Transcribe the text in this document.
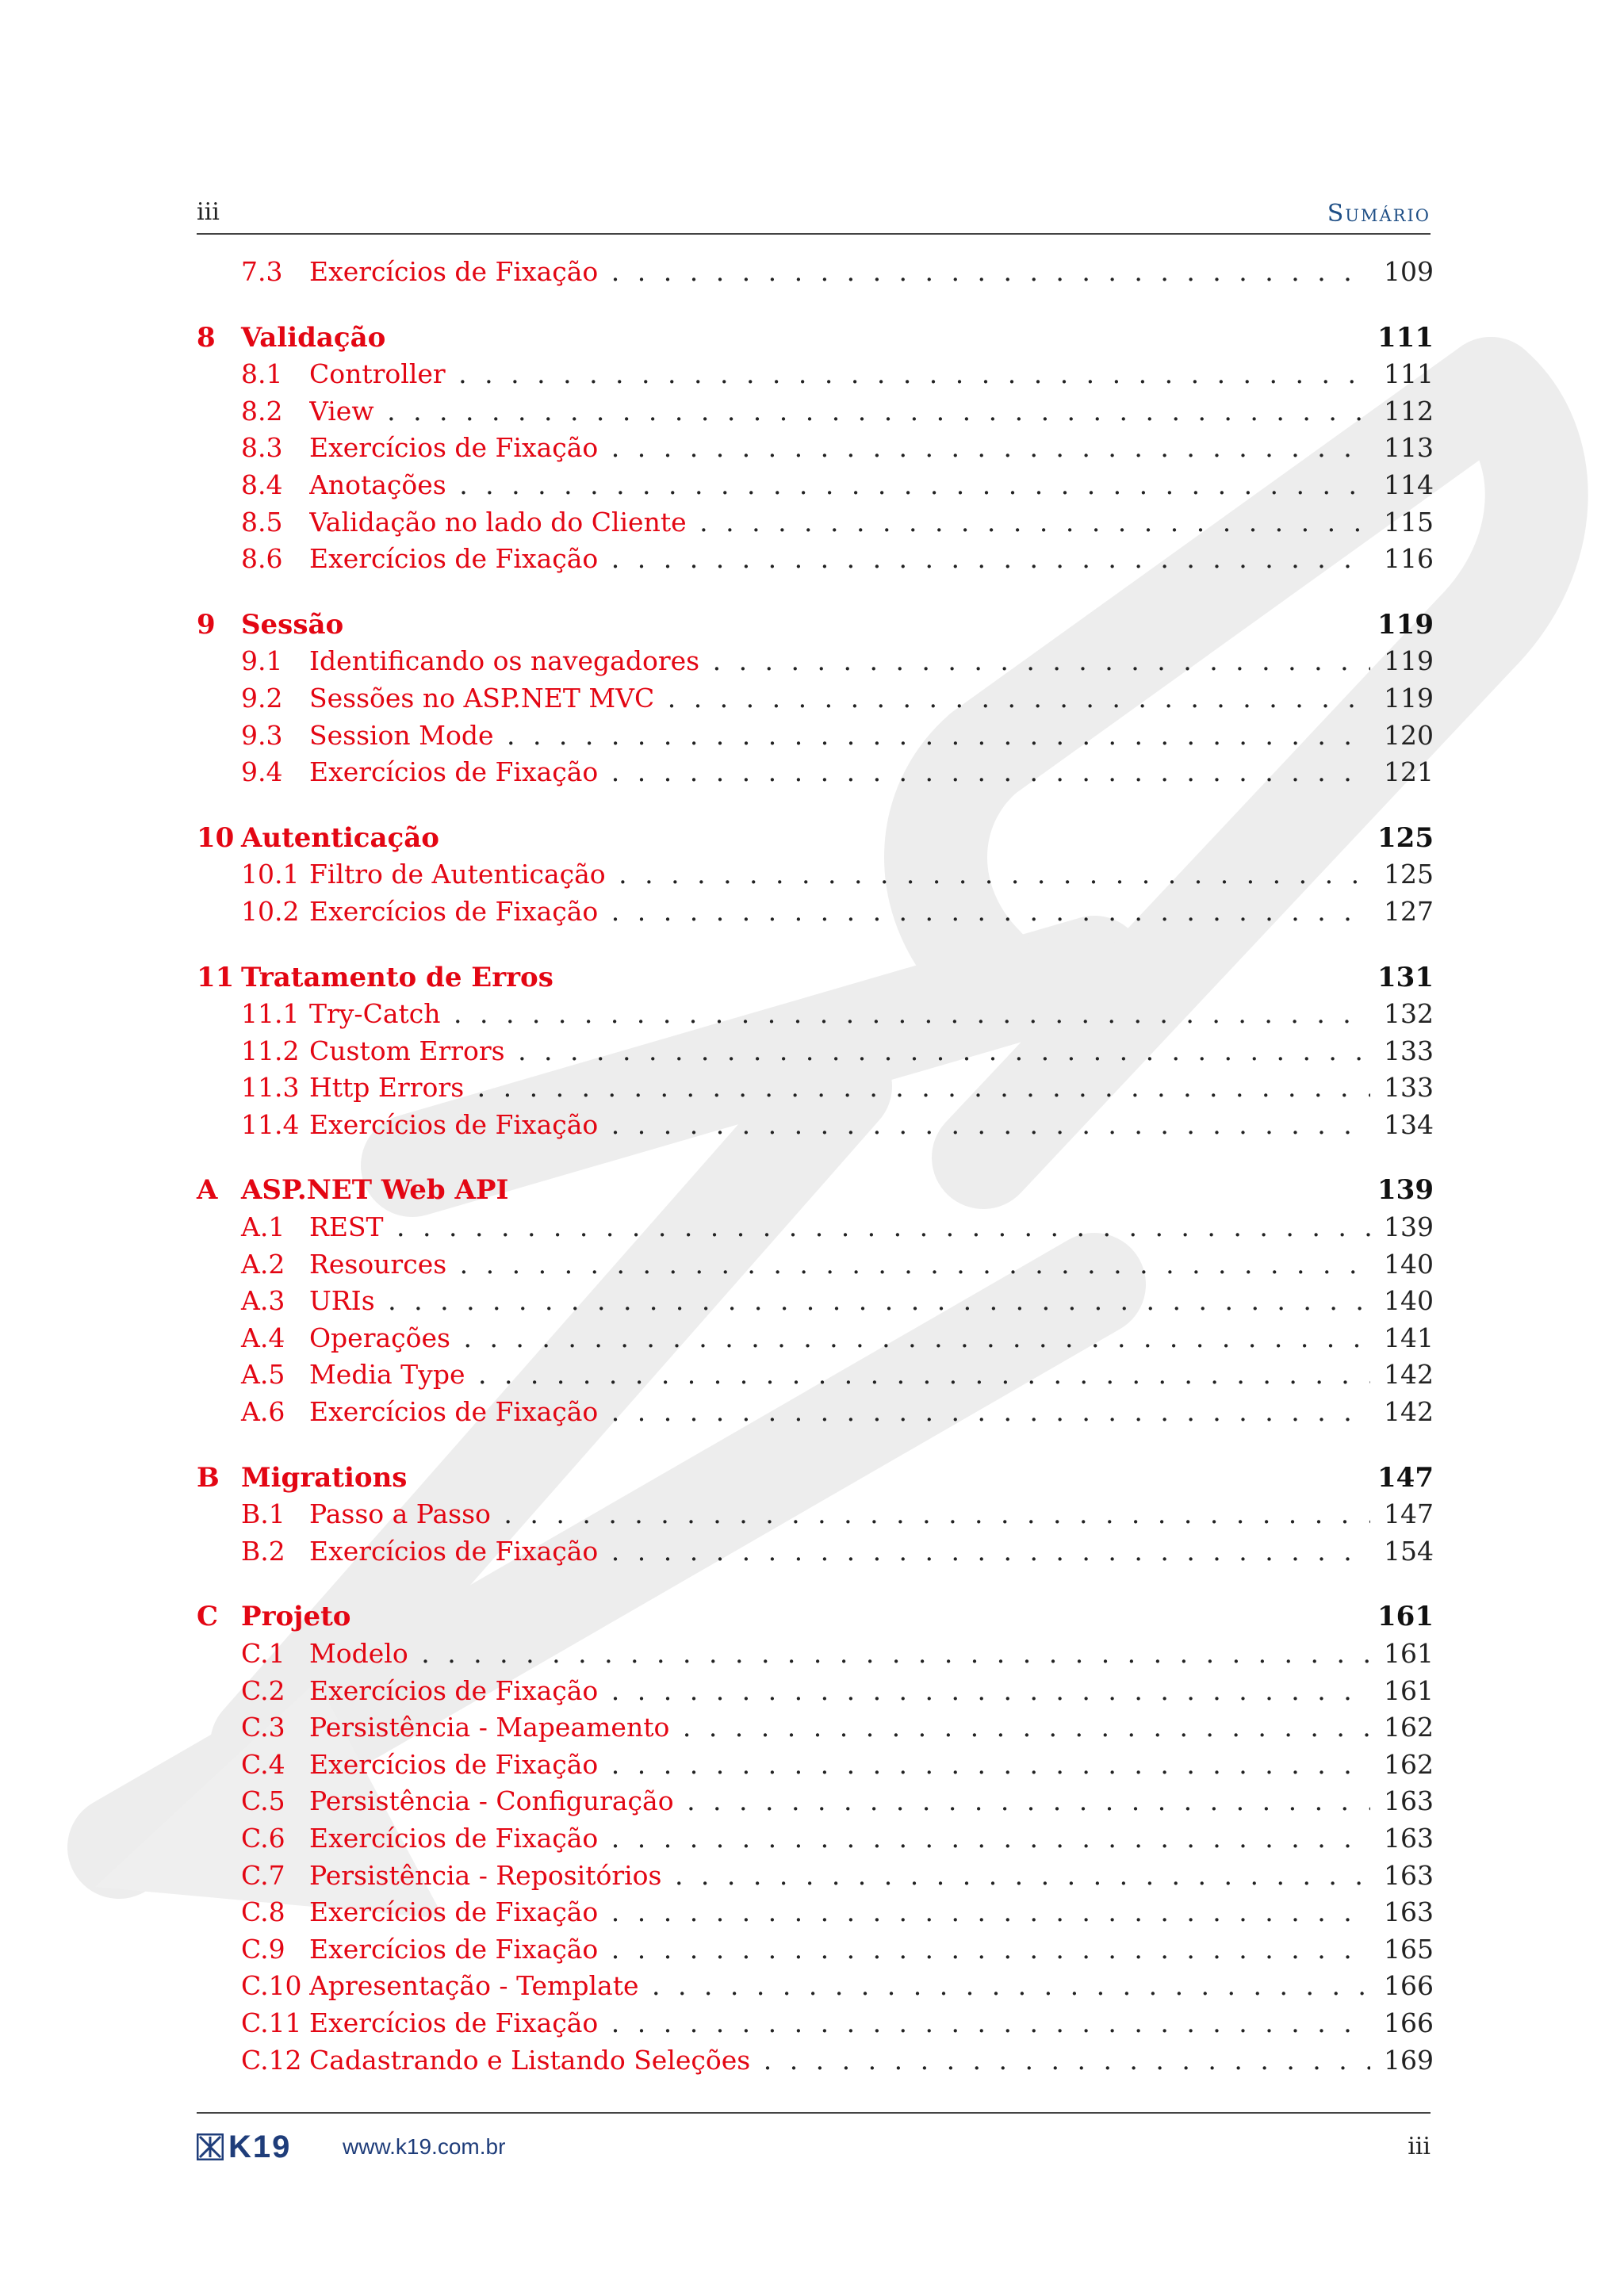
iii	Sumário
7.3 Exercícios de Fixação . . .	109
8 Validação	111
8.1 Controller . . .	111
8.2 View . . .	112
8.3 Exercícios de Fixação . . .	113
8.4 Anotações . . .	114
8.5 Validação no lado do Cliente . . .	115
8.6 Exercícios de Fixação . . .	116
9 Sessão	119
9.1 Identificando os navegadores . . .	119
9.2 Sessões no ASP.NET MVC . . .	119
9.3 Session Mode . . .	120
9.4 Exercícios de Fixação . . .	121
10 Autenticação	125
10.1 Filtro de Autenticação . . .	125
10.2 Exercícios de Fixação . . .	127
11 Tratamento de Erros	131
11.1 Try-Catch . . .	132
11.2 Custom Errors . . .	133
11.3 Http Errors . . .	133
11.4 Exercícios de Fixação . . .	134
A ASP.NET Web API	139
A.1 REST . . .	139
A.2 Resources . . .	140
A.3 URIs . . .	140
A.4 Operações . . .	141
A.5 Media Type . . .	142
A.6 Exercícios de Fixação . . .	142
B Migrations	147
B.1 Passo a Passo . . .	147
B.2 Exercícios de Fixação . . .	154
C Projeto	161
C.1 Modelo . . .	161
C.2 Exercícios de Fixação . . .	161
C.3 Persistência - Mapeamento . . .	162
C.4 Exercícios de Fixação . . .	162
C.5 Persistência - Configuração . . .	163
C.6 Exercícios de Fixação . . .	163
C.7 Persistência - Repositórios . . .	163
C.8 Exercícios de Fixação . . .	163
C.9 Exercícios de Fixação . . .	165
C.10 Apresentação - Template . . .	166
C.11 Exercícios de Fixação . . .	166
C.12 Cadastrando e Listando Seleções . . .	169
K19 www.k19.com.br	iii
